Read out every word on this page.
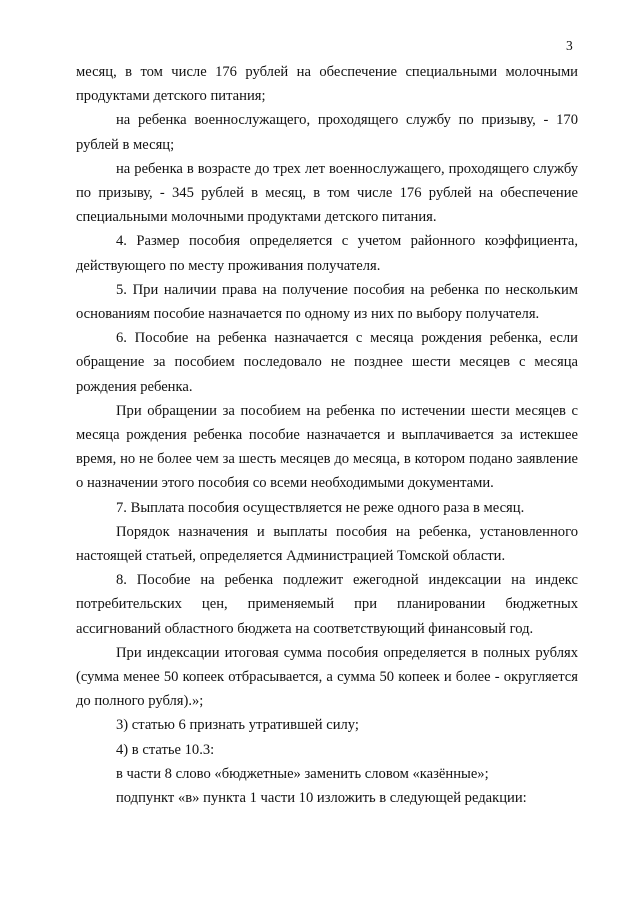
3

месяц, в том числе 176 рублей на обеспечение специальными молочными продуктами детского питания;

на ребенка военнослужащего, проходящего службу по призыву, - 170 рублей в месяц;

на ребенка в возрасте до трех лет военнослужащего, проходящего службу по призыву, - 345 рублей в месяц, в том числе 176 рублей на обеспечение специальными молочными продуктами детского питания.

4. Размер пособия определяется с учетом районного коэффициента, действующего по месту проживания получателя.

5. При наличии права на получение пособия на ребенка по нескольким основаниям пособие назначается по одному из них по выбору получателя.

6. Пособие на ребенка назначается с месяца рождения ребенка, если обращение за пособием последовало не позднее шести месяцев с месяца рождения ребенка.

При обращении за пособием на ребенка по истечении шести месяцев с месяца рождения ребенка пособие назначается и выплачивается за истекшее время, но не более чем за шесть месяцев до месяца, в котором подано заявление о назначении этого пособия со всеми необходимыми документами.

7. Выплата пособия осуществляется не реже одного раза в месяц.

Порядок назначения и выплаты пособия на ребенка, установленного настоящей статьей, определяется Администрацией Томской области.

8. Пособие на ребенка подлежит ежегодной индексации на индекс потребительских цен, применяемый при планировании бюджетных ассигнований областного бюджета на соответствующий финансовый год.

При индексации итоговая сумма пособия определяется в полных рублях (сумма менее 50 копеек отбрасывается, а сумма 50 копеек и более - округляется до полного рубля).»;

3) статью 6 признать утратившей силу;

4) в статье 10.3:

в части 8 слово «бюджетные» заменить словом «казённые»;

подпункт «в» пункта 1 части 10 изложить в следующей редакции:
